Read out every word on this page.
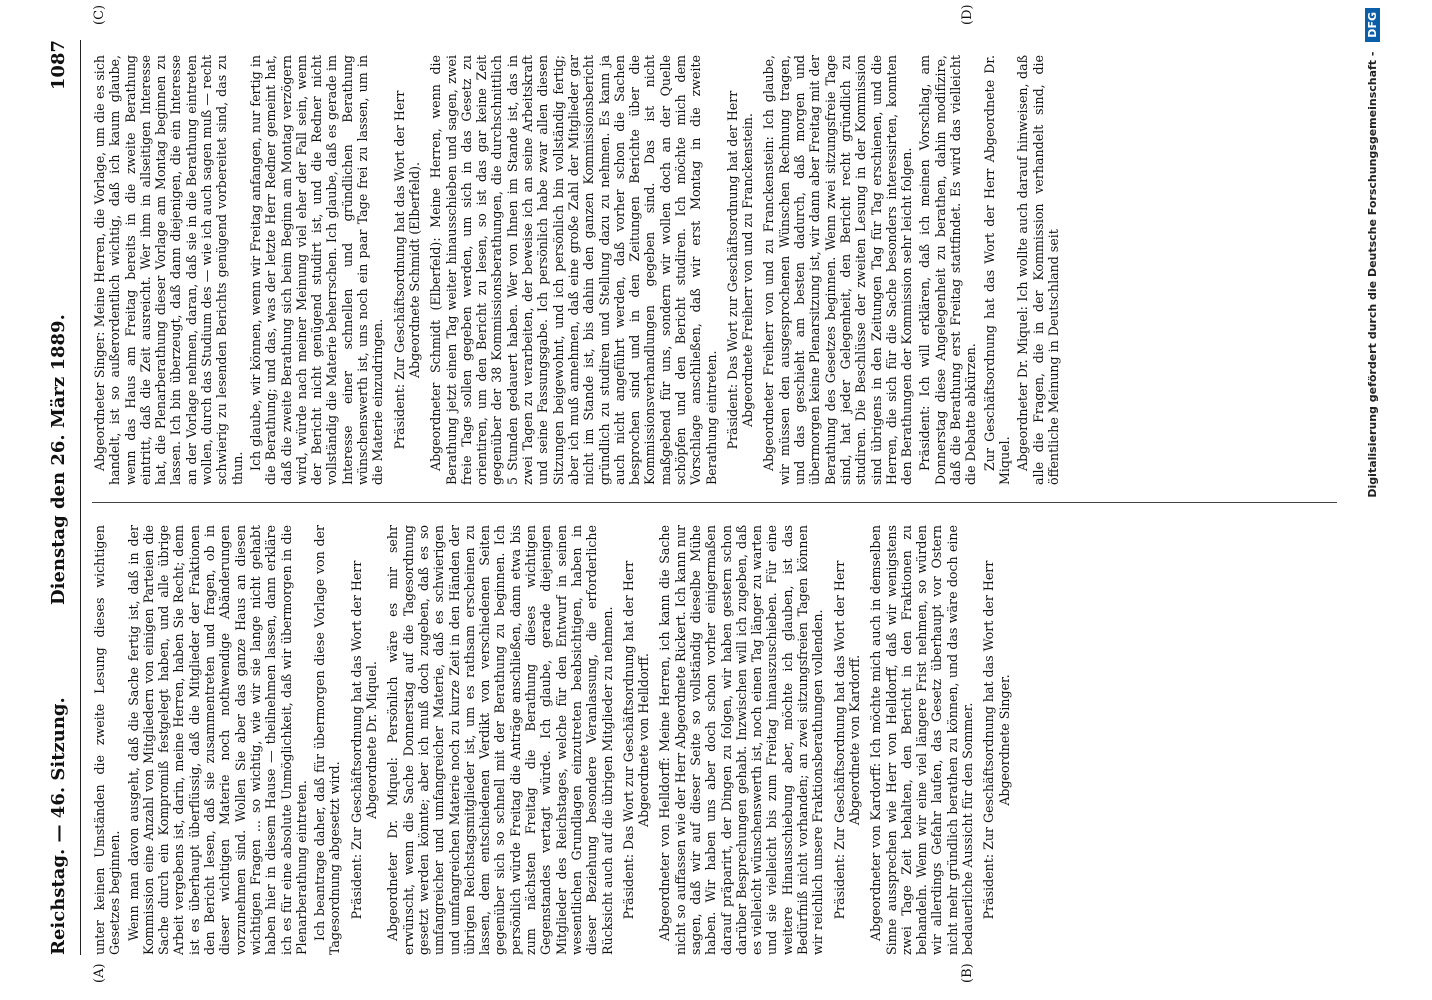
Reichstag. — 46. Sitzung.
Dienstag den 26. März 1889.
1087
(A)	(B)
(C)	(D)

unter keinen Umständen die zweite Lesung dieses wichtigen Gesetzes beginnen. Wenn man davon ausgeht, daß die Sache fertig ist, daß in der Kommission eine Anzahl von Mitgliedern von einigen Parteien die Sache durch ein Kompromiß festgelegt haben, und alle übrige Arbeit vergebens ist, darin, meine Herren, haben Sie Recht; denn ist es überhaupt überflüssig, daß die Mitglieder der Fraktionen den Bericht lesen, daß sie zusammentreten und fragen, ob in dieser wichtigen Materie noch nothwendige Abänderungen vorzunehmen sind. Wollen Sie aber das ganze Haus an diesen wichtigen Fragen ... so wichtig, wie wir sie lange nicht gehabt haben hier in diesem Hause — theilnehmen lassen, dann erkläre ich es für eine absolute Unmöglichkeit, daß wir übermorgen in die Plenarberathung eintreten. Ich beantrage daher, daß für übermorgen diese Vorlage von der Tagesordnung abgesetzt wird. Präsident: Zur Geschäftsordnung hat das Wort der Herr Abgeordnete Dr. Miquel. Abgeordneter Dr. Miquel: Persönlich wäre es mir sehr erwünscht, wenn die Sache Donnerstag auf die Tagesordnung gesetzt werden könnte; aber ich muß doch zugeben, daß es so umfangreicher und umfangreicher Materie, daß es schwierigen und umfangreichen Materie noch zu kurze Zeit in den Händen der übrigen Reichstagsmitglieder ist, um es rathsam erscheinen zu lassen, dem entschiedenen Verdikt von verschiedenen Seiten gegenüber sich so schnell mit der Berathung zu beginnen. Ich persönlich würde Freitag die Anträge anschließen, dann etwa bis zum nächsten Freitag die Berathung dieses wichtigen Gegenstandes vertagt würde. Ich glaube, gerade diejenigen Mitglieder des Reichstages, welche für den Entwurf in seinen wesentlichen Grundlagen einzutreten beabsichtigen, haben in dieser Beziehung besondere Veranlassung, die erforderliche Rücksicht auch auf die übrigen Mitglieder zu nehmen. Präsident: Das Wort zur Geschäftsordnung hat der Herr Abgeordnete von Helldorff. Abgeordneter von Helldorff: Meine Herren, ich kann die Sache nicht so auffassen wie der Herr Abgeordnete Rickert. Ich kann nur sagen, daß wir auf dieser Seite so vollständig dieselbe Mühe haben. Wir haben uns aber doch schon vorher einigermaßen darauf präparirt, der Dingen zu folgen, wir haben gestern schon darüber Besprechungen gehabt. Inzwischen will ich zugeben, daß es vielleicht wünschenswerth ist, noch einen Tag länger zu warten und sie vielleicht bis zum Freitag hinauszuschieben. Für eine weitere Hinausschiebung aber, möchte ich glauben, ist das Bedürfniß nicht vorhanden; an zwei sitzungsfreien Tagen können wir reichlich unsere Fraktionsberathungen vollenden. Präsident: Zur Geschäftsordnung hat das Wort der Herr Abgeordnete von Kardorff. Abgeordneter von Kardorff: Ich möchte mich auch in demselben Sinne aussprechen wie Herr von Helldorff, daß wir wenigstens zwei Tage Zeit behalten, den Bericht in den Fraktionen zu behandeln. Wenn wir eine viel längere Frist nehmen, so würden wir allerdings Gefahr laufen, das Gesetz überhaupt vor Ostern nicht mehr gründlich berathen zu können, und das wäre doch eine bedauerliche Aussicht für den Sommer. Präsident: Zur Geschäftsordnung hat das Wort der Herr Abgeordnete Singer.

Abgeordneter Singer: Meine Herren, die Vorlage, um die es sich handelt, ist so außerordentlich wichtig, daß ich kaum glaube, wenn das Haus am Freitag bereits in die zweite Berathung eintritt, daß die Zeit ausreicht. Wer ihm in allseitigen Interesse hat, die Plenarberathung dieser Vorlage am Montag beginnen zu lassen. Ich bin überzeugt, daß dann diejenigen, die ein Interesse an der Vorlage nehmen, daran, daß sie in die Berathung eintreten wollen, durch das Studium des — wie ich auch sagen muß — recht schwierig zu lesenden Berichts genügend vorbereitet sind, das zu thun. Ich glaube, wir können, wenn wir Freitag anfangen, nur fertig in die Berathung; und das, was der letzte Herr Redner gemeint hat, daß die zweite Berathung sich beim Beginn am Montag verzögern wird, würde nach meiner Meinung viel eher der Fall sein, wenn der Bericht nicht genügend studirt ist, und die Redner nicht vollständig die Materie beherrschen. Ich glaube, daß es gerade im Interesse einer schnellen und gründlichen Berathung wünschenswerth ist, uns noch ein paar Tage frei zu lassen, um in die Materie einzudringen. Präsident: Zur Geschäftsordnung hat das Wort der Herr Abgeordnete Schmidt (Elberfeld). Abgeordneter Schmidt (Elberfeld): Meine Herren, wenn die Berathung jetzt einen Tag weiter hinausschieben und sagen, zwei freie Tage sollen gegeben werden, um sich in das Gesetz zu orientiren, um den Bericht zu lesen, so ist das gar keine Zeit gegenüber der 38 Kommissionsberathungen, die durchschnittlich 5 Stunden gedauert haben. Wer von Ihnen im Stande ist, das in zwei Tagen zu verarbeiten, der beweise ich an seine Arbeitskraft und seine Fassungsgabe. Ich persönlich habe zwar allen diesen Sitzungen beigewohnt, und ich persönlich bin vollständig fertig; aber ich muß annehmen, daß eine große Zahl der Mitglieder gar nicht im Stande ist, bis dahin den ganzen Kommissionsbericht gründlich zu studiren und Stellung dazu zu nehmen. Es kann ja auch nicht angeführt werden, daß vorher schon die Sachen besprochen sind und in den Zeitungen Berichte über die Kommissionsverhandlungen gegeben sind. Das ist nicht maßgebend für uns, sondern wir wollen doch an der Quelle schöpfen und den Bericht studiren. Ich möchte mich dem Vorschlage anschließen, daß wir erst Montag in die zweite Berathung eintreten. Präsident: Das Wort zur Geschäftsordnung hat der Herr Abgeordnete Freiherr von und zu Franckenstein. Abgeordneter Freiherr von und zu Franckenstein: Ich glaube, wir müssen den ausgesprochenen Wünschen Rechnung tragen, und das geschieht am besten dadurch, daß morgen und übermorgen keine Plenarsitzung ist, wir dann aber Freitag mit der Berathung des Gesetzes beginnen. Wenn zwei sitzungsfreie Tage sind, hat jeder Gelegenheit, den Bericht recht gründlich zu studiren. Die Beschlüsse der zweiten Lesung in der Kommission sind übrigens in den Zeitungen Tag für Tag erschienen, und die Herren, die sich für die Sache besonders interessirten, konnten den Berathungen der Kommission sehr leicht folgen. Präsident: Ich will erklären, daß ich meinen Vorschlag, am Donnerstag diese Angelegenheit zu berathen, dahin modifizire, daß die Berathung erst Freitag stattfindet. Es wird das vielleicht die Debatte abkürzen. Zur Geschäftsordnung hat das Wort der Herr Abgeordnete Dr. Miquel. Abgeordneter Dr. Miquel: Ich wollte auch darauf hinweisen, daß alle die Fragen, die in der Kommission verhandelt sind, die öffentliche Meinung in Deutschland seit	Digitalisierung gefördert durch die Deutsche Forschungsgemeinschaft - DFG
